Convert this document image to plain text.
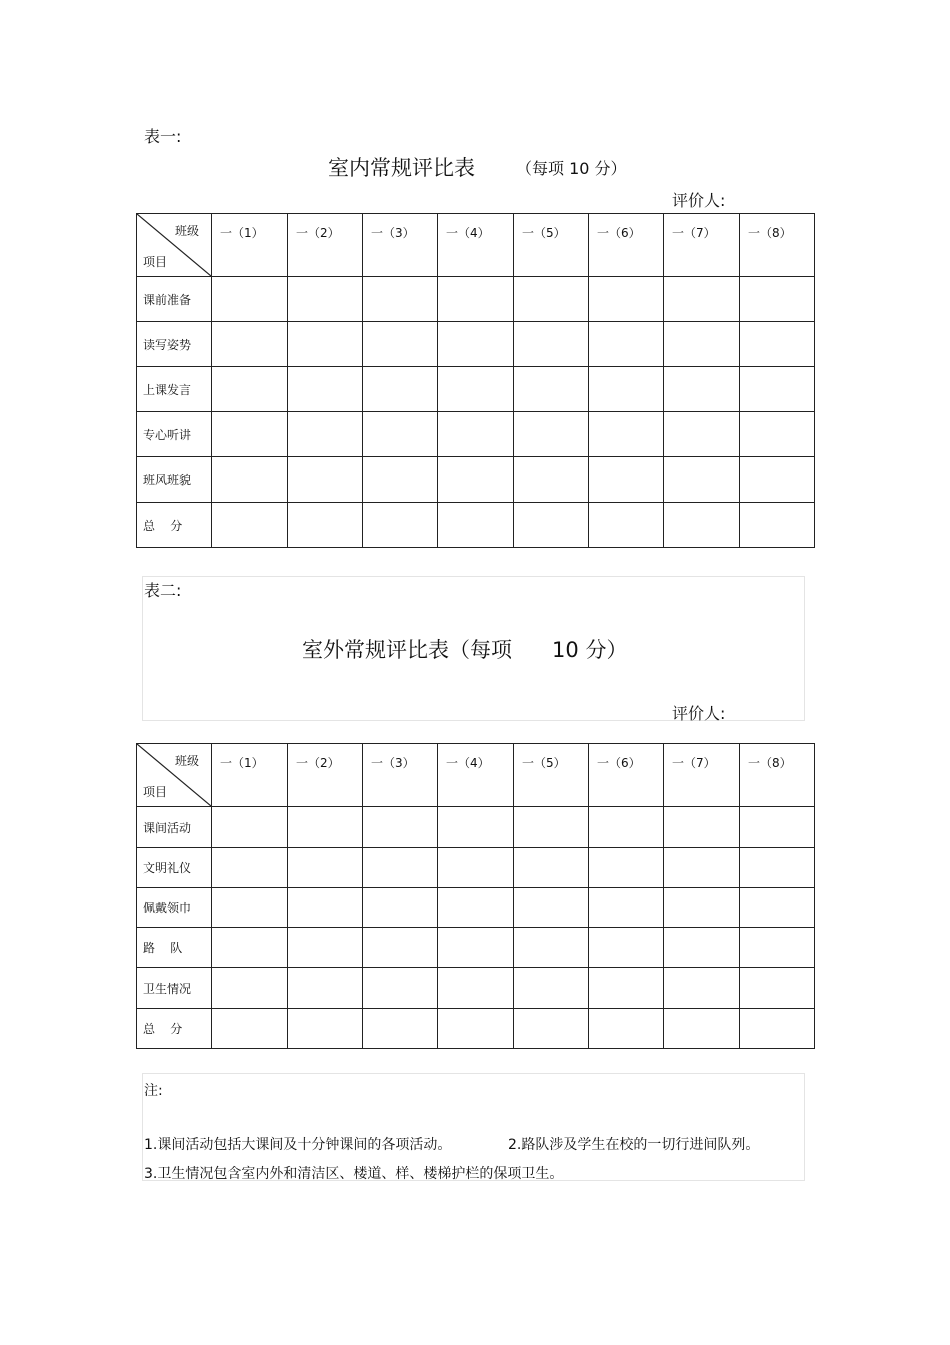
表一:
室内常规评比表	（每项 10 分）
评价人:
班级
项目	一（1）	一（2）	一（3）	一（4）	一（5）	一（6）	一（7）	一（8）
课前准备								
读写姿势								
上课发言								
专心听讲								
班风班貌								
总    分								
表二:
室外常规评比表（每项      10 分）
评价人:
班级
项目	一（1）	一（2）	一（3）	一（4）	一（5）	一（6）	一（7）	一（8）
课间活动								
文明礼仪								
佩戴领巾								
路    队								
卫生情况								
总    分								
注:
1.课间活动包括大课间及十分钟课间的各项活动。	2.路队涉及学生在校的一切行进间队列。
3.卫生情况包含室内外和清洁区、楼道、样、楼梯护栏的保项卫生。
